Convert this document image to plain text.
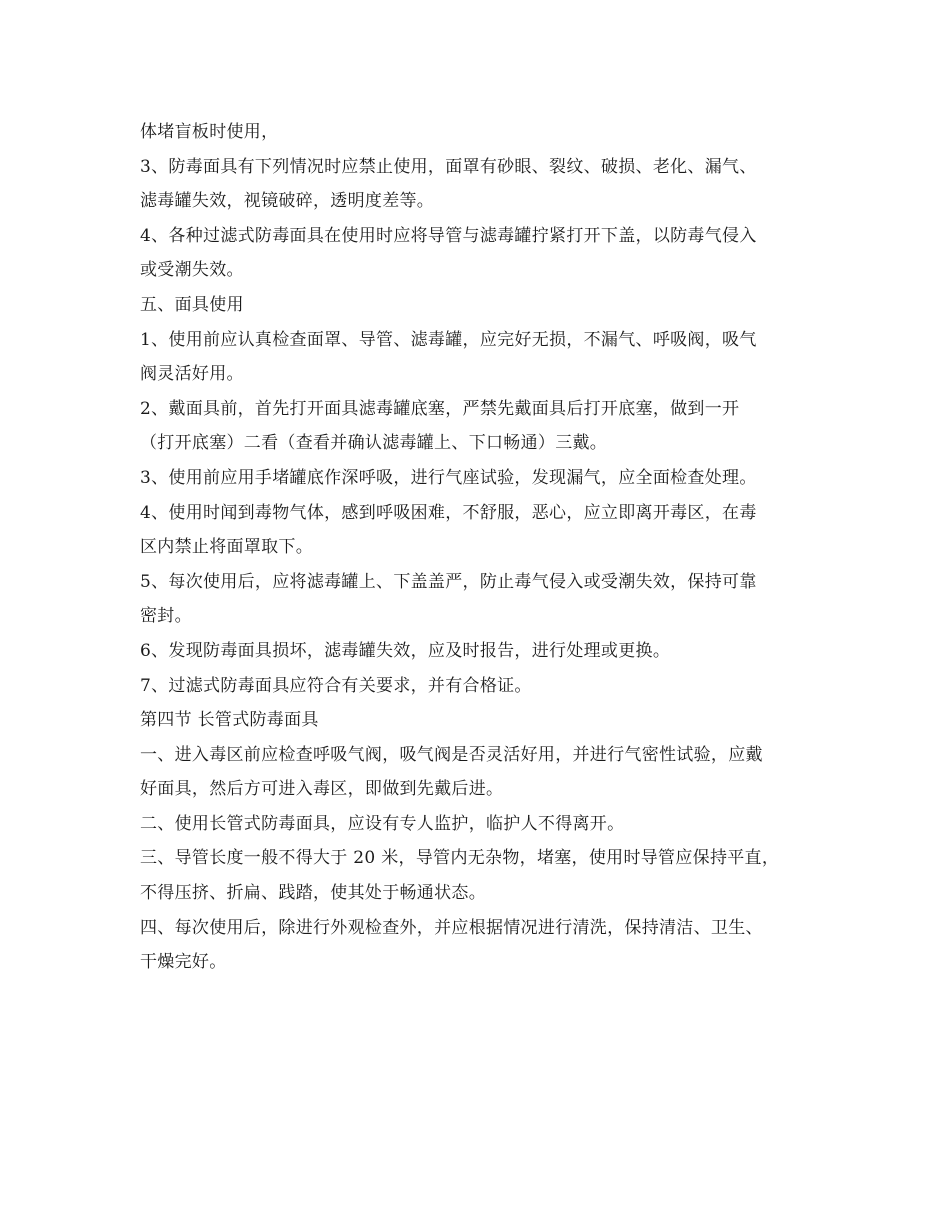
体堵盲板时使用，
3、防毒面具有下列情况时应禁止使用，面罩有砂眼、裂纹、破损、老化、漏气、
滤毒罐失效，视镜破碎，透明度差等。
4、各种过滤式防毒面具在使用时应将导管与滤毒罐拧紧打开下盖，以防毒气侵入
或受潮失效。
五、面具使用
1、使用前应认真检查面罩、导管、滤毒罐，应完好无损，不漏气、呼吸阀，吸气
阀灵活好用。
2、戴面具前，首先打开面具滤毒罐底塞，严禁先戴面具后打开底塞，做到一开
（打开底塞）二看（查看并确认滤毒罐上、下口畅通）三戴。
3、使用前应用手堵罐底作深呼吸，进行气座试验，发现漏气，应全面检查处理。
4、使用时闻到毒物气体，感到呼吸困难，不舒服，恶心，应立即离开毒区，在毒
区内禁止将面罩取下。
5、每次使用后，应将滤毒罐上、下盖盖严，防止毒气侵入或受潮失效，保持可靠
密封。
6、发现防毒面具损坏，滤毒罐失效，应及时报告，进行处理或更换。
7、过滤式防毒面具应符合有关要求，并有合格证。
第四节 长管式防毒面具
一、进入毒区前应检查呼吸气阀，吸气阀是否灵活好用，并进行气密性试验，应戴
好面具，然后方可进入毒区，即做到先戴后进。
二、使用长管式防毒面具，应设有专人监护，临护人不得离开。
三、导管长度一般不得大于 20 米，导管内无杂物，堵塞，使用时导管应保持平直，
不得压挤、折扁、践踏，使其处于畅通状态。
四、每次使用后，除进行外观检查外，并应根据情况进行清洗，保持清洁、卫生、
干燥完好。
